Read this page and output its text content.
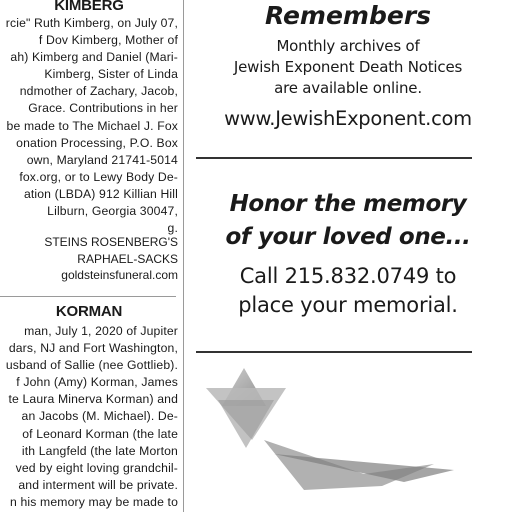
KIMBERG
rcie" Ruth Kimberg, on July 07,
f Dov Kimberg, Mother of
ah) Kimberg and Daniel (Mari-
Kimberg, Sister of Linda
ndmother of Zachary, Jacob,
Grace. Contributions in her
be made to The Michael J. Fox
onation Processing, P.O. Box
own, Maryland 21741-5014
fox.org, or to Lewy Body De-
ation (LBDA) 912 Killian Hill
Lilburn, Georgia 30047,
g.
STEINS ROSENBERG'S
RAPHAEL-SACKS
goldsteinsfuneral.com
KORMAN
man, July 1, 2020 of Jupiter
dars, NJ and Fort Washington,
usband of Sallie (nee Gottlieb).
f John (Amy) Korman, James
te Laura Minerva Korman) and
an Jacobs (M. Michael). De-
of Leonard Korman (the late
ith Langfeld (the late Morton
ved by eight loving grandchil-
and interment will be private.
n his memory may be made to
Remembers

Monthly archives of
Jewish Exponent Death Notices
are available online.

www.JewishExponent.com

Honor the memory
of your loved one...

Call 215.832.0749 to
place your memorial.
